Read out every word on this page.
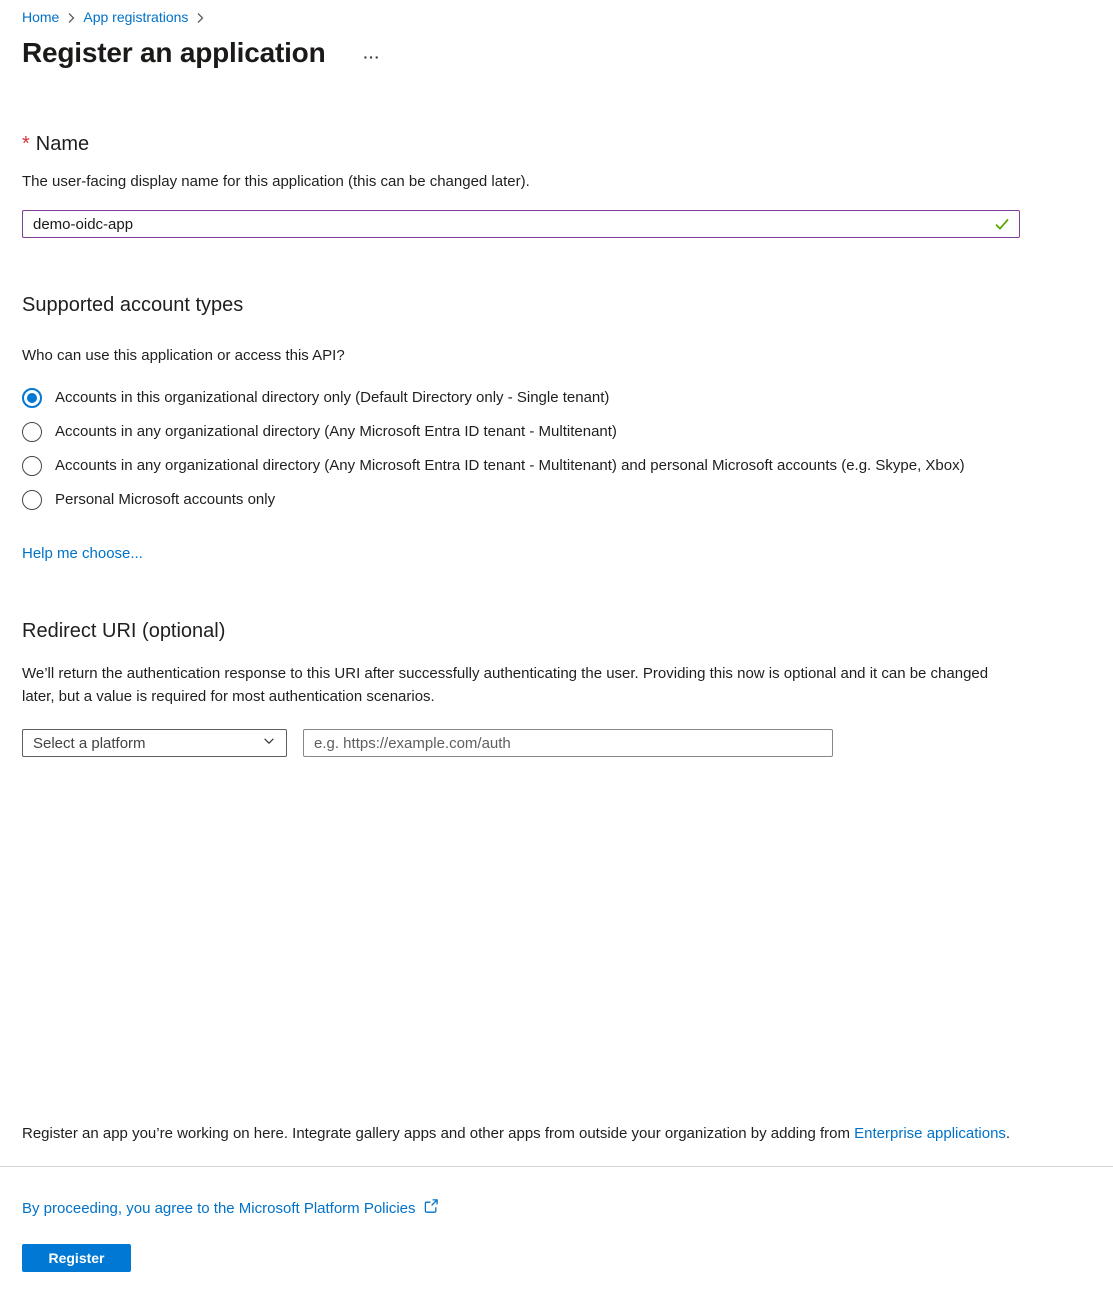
Home App registrations
Register an application	···
* Name

The user-facing display name for this application (this can be changed later).

demo-oidc-app
Supported account types

Who can use this application or access this API?

Accounts in this organizational directory only (Default Directory only - Single tenant)
Accounts in any organizational directory (Any Microsoft Entra ID tenant - Multitenant)
Accounts in any organizational directory (Any Microsoft Entra ID tenant - Multitenant) and personal Microsoft accounts (e.g. Skype, Xbox)
Personal Microsoft accounts only
Help me choose...
Redirect URI (optional)

We’ll return the authentication response to this URI after successfully authenticating the user. Providing this now is optional and it can be changed later, but a value is required for most authentication scenarios.

Select a platform
e.g. https://example.com/auth

Register an app you’re working on here. Integrate gallery apps and other apps from outside your organization by adding from Enterprise applications.

By proceeding, you agree to the Microsoft Platform Policies
Register
